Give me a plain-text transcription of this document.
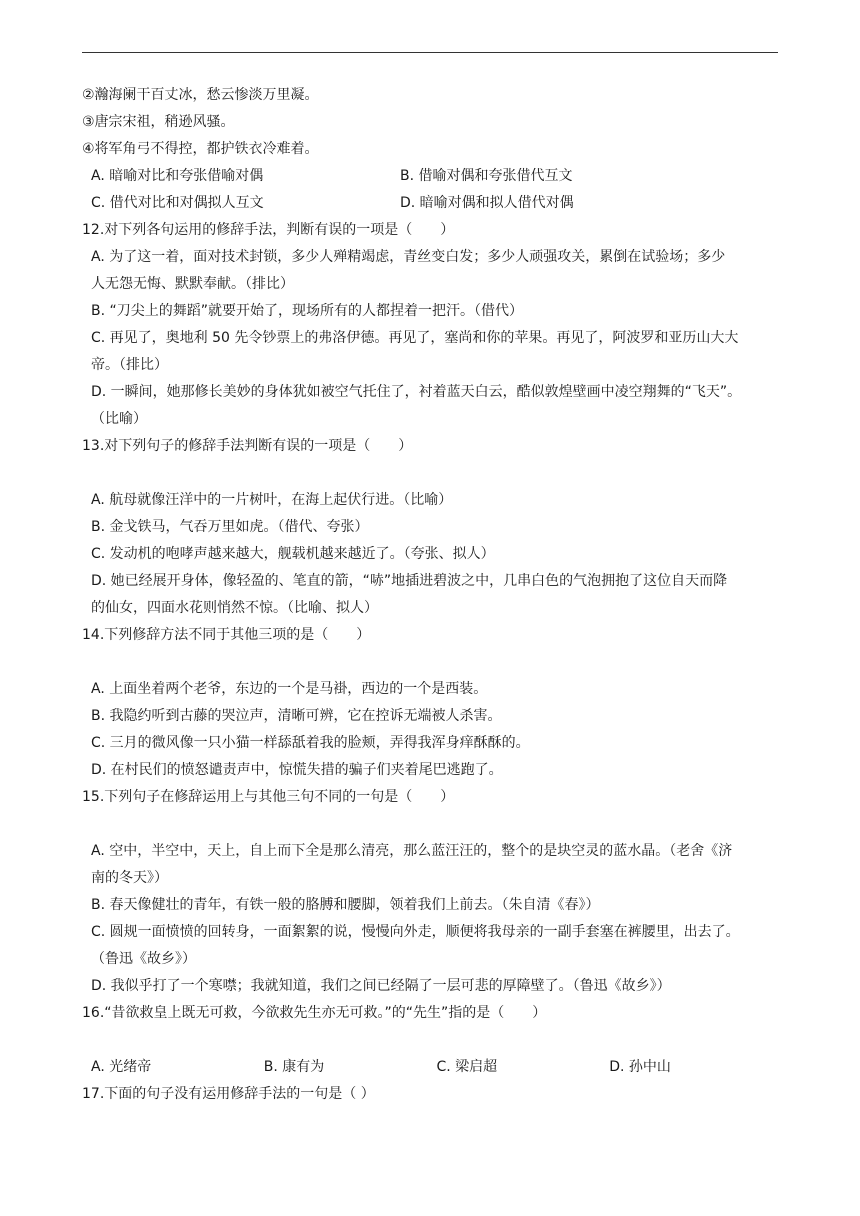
②瀚海阑干百丈冰，愁云惨淡万里凝。
③唐宗宋祖，稍逊风骚。
④将军角弓不得控，都护铁衣冷难着。
A. 暗喻对比和夸张借喻对偶	B. 借喻对偶和夸张借代互文
C. 借代对比和对偶拟人互文	D. 暗喻对偶和拟人借代对偶
12.对下列各句运用的修辞手法，判断有误的一项是（　　）
A. 为了这一着，面对技术封锁，多少人殚精竭虑，青丝变白发；多少人顽强攻关，累倒在试验场；多少
人无怨无悔、默默奉献。（排比）
B. “刀尖上的舞蹈”就要开始了，现场所有的人都捏着一把汗。（借代）
C. 再见了，奥地利 50 先令钞票上的弗洛伊德。再见了，塞尚和你的苹果。再见了，阿波罗和亚历山大大
帝。（排比）
D. 一瞬间，她那修长美妙的身体犹如被空气托住了，衬着蓝天白云，酷似敦煌壁画中凌空翔舞的“飞天”。
（比喻）
13.对下列句子的修辞手法判断有误的一项是（　　）
A. 航母就像汪洋中的一片树叶，在海上起伏行进。（比喻）
B. 金戈铁马，气吞万里如虎。（借代、夸张）
C. 发动机的咆哮声越来越大，舰载机越来越近了。（夸张、拟人）
D. 她已经展开身体，像轻盈的、笔直的箭，“哧”地插进碧波之中，几串白色的气泡拥抱了这位自天而降
的仙女，四面水花则悄然不惊。（比喻、拟人）
14.下列修辞方法不同于其他三项的是（　　）
A. 上面坐着两个老爷，东边的一个是马褂，西边的一个是西装。
B. 我隐约听到古藤的哭泣声，清晰可辨，它在控诉无端被人杀害。
C. 三月的微风像一只小猫一样舔舐着我的脸颊，弄得我浑身痒酥酥的。
D. 在村民们的愤怒谴责声中，惊慌失措的骗子们夹着尾巴逃跑了。
15.下列句子在修辞运用上与其他三句不同的一句是（　　）
A. 空中，半空中，天上，自上而下全是那么清亮，那么蓝汪汪的，整个的是块空灵的蓝水晶。（老舍《济
南的冬天》）
B. 春天像健壮的青年，有铁一般的胳膊和腰脚，领着我们上前去。（朱自清《春》）
C. 圆规一面愤愤的回转身，一面絮絮的说，慢慢向外走，顺便将我母亲的一副手套塞在裤腰里，出去了。
（鲁迅《故乡》）
D. 我似乎打了一个寒噤；我就知道，我们之间已经隔了一层可悲的厚障壁了。（鲁迅《故乡》）
16.“昔欲救皇上既无可救，今欲救先生亦无可救。”的“先生”指的是（　　）
A. 光绪帝	B. 康有为	C. 梁启超	D. 孙中山
17.下面的句子没有运用修辞手法的一句是（ ）
